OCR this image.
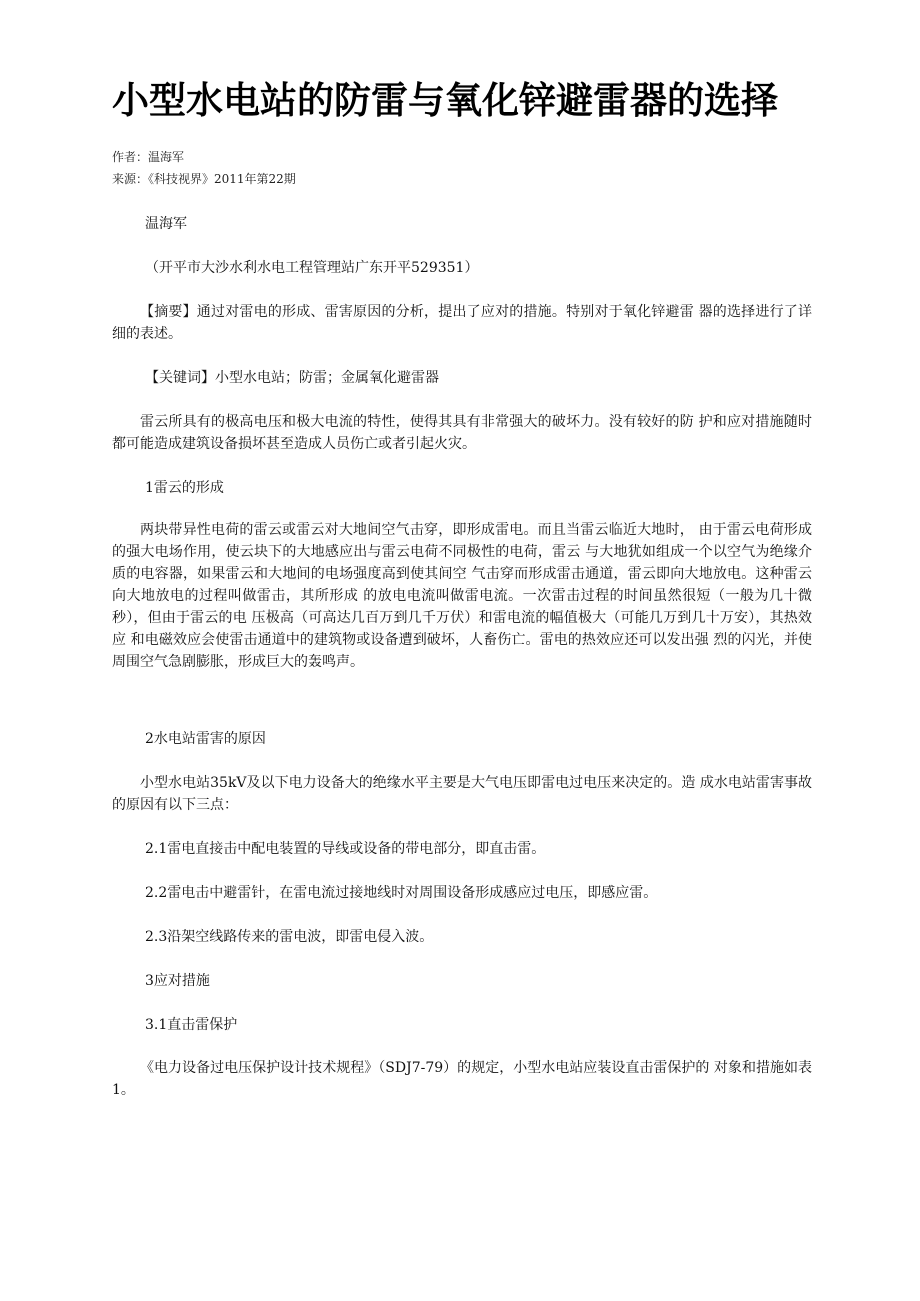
小型水电站的防雷与氧化锌避雷器的选择
作者：温海军
来源：《科技视界》2011年第22期
温海军
（开平市大沙水利水电工程管理站广东开平529351）

【摘要】通过对雷电的形成、雷害原因的分析，提出了应对的措施。特别对于氧化锌避雷 器的选择进行了详细的表述。

【关键词】小型水电站；防雷；金属氧化避雷器

雷云所具有的极高电压和极大电流的特性，使得其具有非常强大的破坏力。没有较好的防 护和应对措施随时都可能造成建筑设备损坏甚至造成人员伤亡或者引起火灾。

1雷云的形成

两块带异性电荷的雷云或雷云对大地间空气击穿，即形成雷电。而且当雷云临近大地时， 由于雷云电荷形成的强大电场作用，使云块下的大地感应出与雷云电荷不同极性的电荷，雷云 与大地犹如组成一个以空气为绝缘介质的电容器，如果雷云和大地间的电场强度高到使其间空 气击穿而形成雷击通道，雷云即向大地放电。这种雷云向大地放电的过程叫做雷击，其所形成 的放电电流叫做雷电流。一次雷击过程的时间虽然很短（一般为几十微秒），但由于雷云的电 压极高（可高达几百万到几千万伏）和雷电流的幅值极大（可能几万到几十万安），其热效应 和电磁效应会使雷击通道中的建筑物或设备遭到破坏，人畜伤亡。雷电的热效应还可以发出强 烈的闪光，并使周围空气急剧膨胀，形成巨大的轰鸣声。

2水电站雷害的原因

小型水电站35kV及以下电力设备大的绝缘水平主要是大气电压即雷电过电压来决定的。造 成水电站雷害事故的原因有以下三点：

2.1雷电直接击中配电装置的导线或设备的带电部分，即直击雷。
2.2雷电击中避雷针，在雷电流过接地线时对周围设备形成感应过电压，即感应雷。
2.3沿架空线路传来的雷电波，即雷电侵入波。
3应对措施
3.1直击雷保护

《电力设备过电压保护设计技术规程》（SDJ7-79）的规定，小型水电站应装设直击雷保护的 对象和措施如表1。
